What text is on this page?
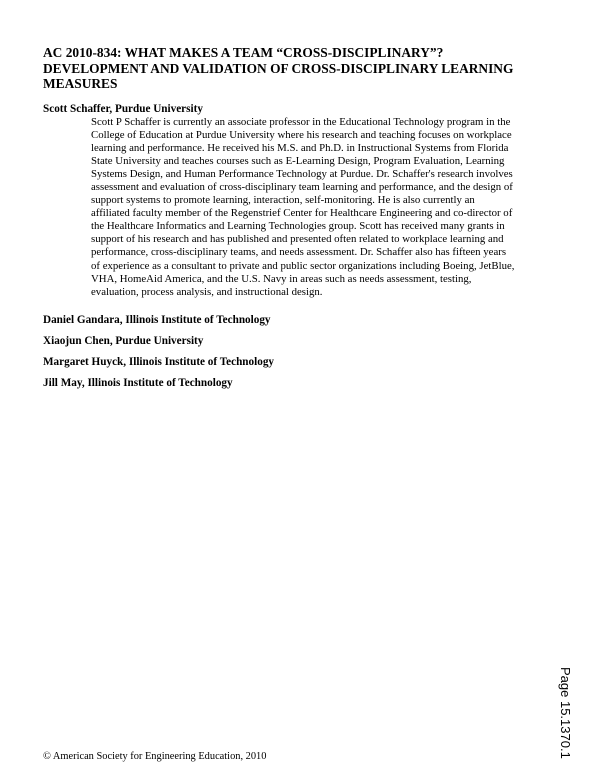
AC 2010-834: WHAT MAKES A TEAM “CROSS-DISCIPLINARY”?
DEVELOPMENT AND VALIDATION OF CROSS-DISCIPLINARY LEARNING
MEASURES

Scott Schaffer, Purdue University

Scott P Schaffer is currently an associate professor in the Educational Technology program in the
College of Education at Purdue University where his research and teaching focuses on workplace
learning and performance. He received his M.S. and Ph.D. in Instructional Systems from Florida
State University and teaches courses such as E-Learning Design, Program Evaluation, Learning
Systems Design, and Human Performance Technology at Purdue. Dr. Schaffer's research involves
assessment and evaluation of cross-disciplinary team learning and performance, and the design of
support systems to promote learning, interaction, self-monitoring. He is also currently an
affiliated faculty member of the Regenstrief Center for Healthcare Engineering and co-director of
the Healthcare Informatics and Learning Technologies group. Scott has received many grants in
support of his research and has published and presented often related to workplace learning and
performance, cross-disciplinary teams, and needs assessment. Dr. Schaffer also has fifteen years
of experience as a consultant to private and public sector organizations including Boeing, JetBlue,
VHA, HomeAid America, and the U.S. Navy in areas such as needs assessment, testing,
evaluation, process analysis, and instructional design.

Daniel Gandara, Illinois Institute of Technology

Xiaojun Chen, Purdue University

Margaret Huyck, Illinois Institute of Technology

Jill May, Illinois Institute of Technology

Page 15.1370.1

© American Society for Engineering Education, 2010
